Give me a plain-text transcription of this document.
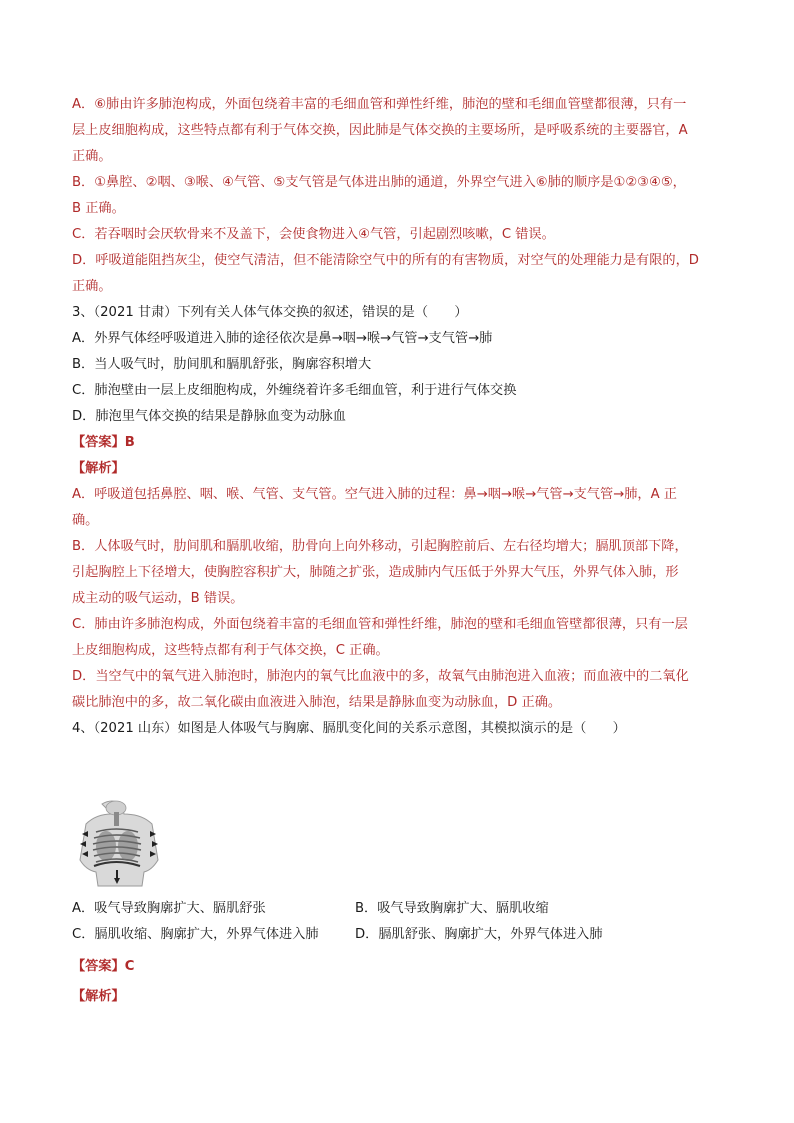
A．⑥肺由许多肺泡构成，外面包绕着丰富的毛细血管和弹性纤维，肺泡的壁和毛细血管壁都很薄，只有一
层上皮细胞构成，这些特点都有利于气体交换，因此肺是气体交换的主要场所，是呼吸系统的主要器官，A
正确。
B．①鼻腔、②咽、③喉、④气管、⑤支气管是气体进出肺的通道，外界空气进入⑥肺的顺序是①②③④⑤，
B 正确。
C．若吞咽时会厌软骨来不及盖下，会使食物进入④气管，引起剧烈咳嗽，C 错误。
D．呼吸道能阻挡灰尘，使空气清洁，但不能清除空气中的所有的有害物质，对空气的处理能力是有限的，D
正确。
3、（2021 甘肃）下列有关人体气体交换的叙述，错误的是（　　）
A．外界气体经呼吸道进入肺的途径依次是鼻→咽→喉→气管→支气管→肺
B．当人吸气时，肋间肌和膈肌舒张，胸廓容积增大
C．肺泡壁由一层上皮细胞构成，外缠绕着许多毛细血管，利于进行气体交换
D．肺泡里气体交换的结果是静脉血变为动脉血
【答案】B
【解析】
A．呼吸道包括鼻腔、咽、喉、气管、支气管。空气进入肺的过程：鼻→咽→喉→气管→支气管→肺，A 正
确。
B．人体吸气时，肋间肌和膈肌收缩，肋骨向上向外移动，引起胸腔前后、左右径均增大；膈肌顶部下降，
引起胸腔上下径增大，使胸腔容积扩大，肺随之扩张，造成肺内气压低于外界大气压，外界气体入肺，形
成主动的吸气运动，B 错误。
C．肺由许多肺泡构成，外面包绕着丰富的毛细血管和弹性纤维，肺泡的壁和毛细血管壁都很薄，只有一层
上皮细胞构成，这些特点都有利于气体交换，C 正确。
D．当空气中的氧气进入肺泡时，肺泡内的氧气比血液中的多，故氧气由肺泡进入血液；而血液中的二氧化
碳比肺泡中的多，故二氧化碳由血液进入肺泡，结果是静脉血变为动脉血，D 正确。
4、（2021 山东）如图是人体吸气与胸廓、膈肌变化间的关系示意图，其模拟演示的是（　　）
A．吸气导致胸廓扩大、膈肌舒张	B．吸气导致胸廓扩大、膈肌收缩
C．膈肌收缩、胸廓扩大，外界气体进入肺	D．膈肌舒张、胸廓扩大，外界气体进入肺
【答案】C
【解析】
